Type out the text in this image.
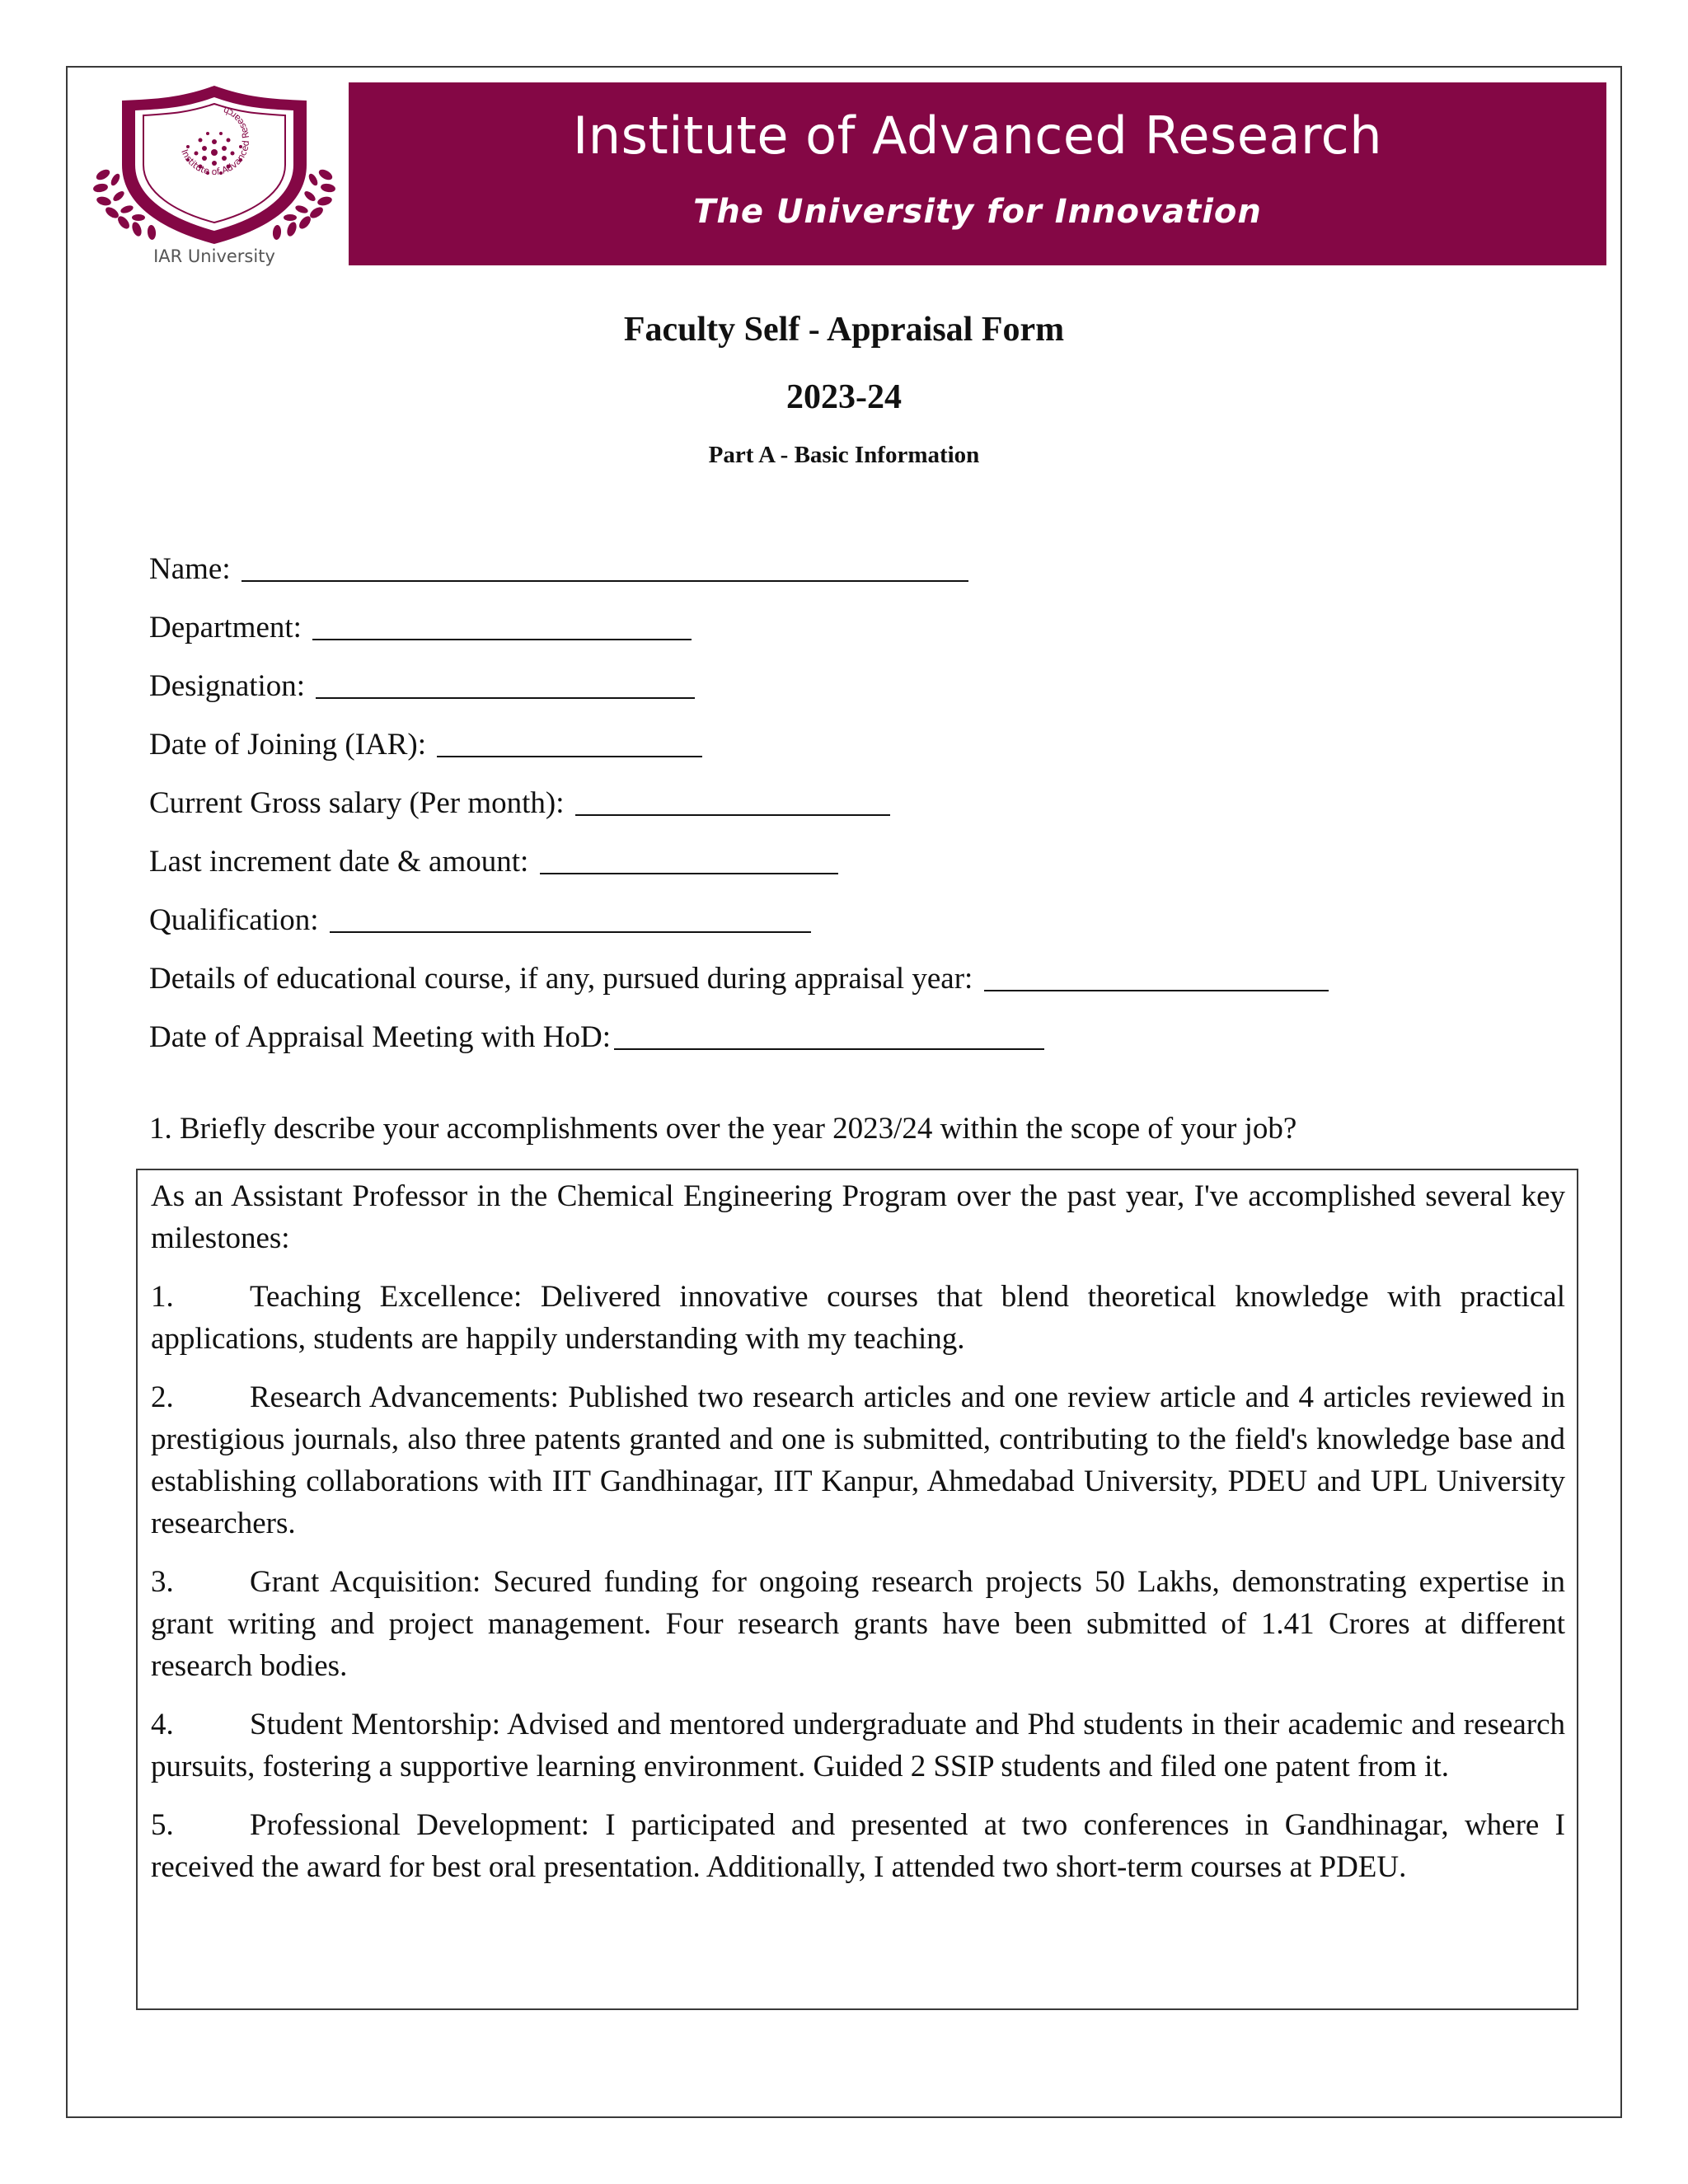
Institute of Advanced Research
IAR University
Institute of Advanced Research
The University for Innovation
Faculty Self - Appraisal Form
2023-24
Part A - Basic Information
Name:
Department:
Designation:
Date of Joining (IAR):
Current Gross salary (Per month):
Last increment date & amount:
Qualification:
Details of educational course, if any, pursued during appraisal year:
Date of Appraisal Meeting with HoD:
1. Briefly describe your accomplishments over the year 2023/24 within the scope of your job?

As an Assistant Professor in the Chemical Engineering Program over the past year, I've accomplished several key milestones:

1. Teaching Excellence: Delivered innovative courses that blend theoretical knowledge with practical applications, students are happily understanding with my teaching.

2. Research Advancements: Published two research articles and one review article and 4 articles reviewed in prestigious journals, also three patents granted and one is submitted, contributing to the field's knowledge base and establishing collaborations with IIT Gandhinagar, IIT Kanpur, Ahmedabad University, PDEU and UPL University researchers.

3. Grant Acquisition: Secured funding for ongoing research projects 50 Lakhs, demonstrating expertise in grant writing and project management. Four research grants have been submitted of 1.41 Crores at different research bodies.

4. Student Mentorship: Advised and mentored undergraduate and Phd students in their academic and research pursuits, fostering a supportive learning environment. Guided 2 SSIP students and filed one patent from it.

5. Professional Development: I participated and presented at two conferences in Gandhinagar, where I received the award for best oral presentation. Additionally, I attended two short-term courses at PDEU.
